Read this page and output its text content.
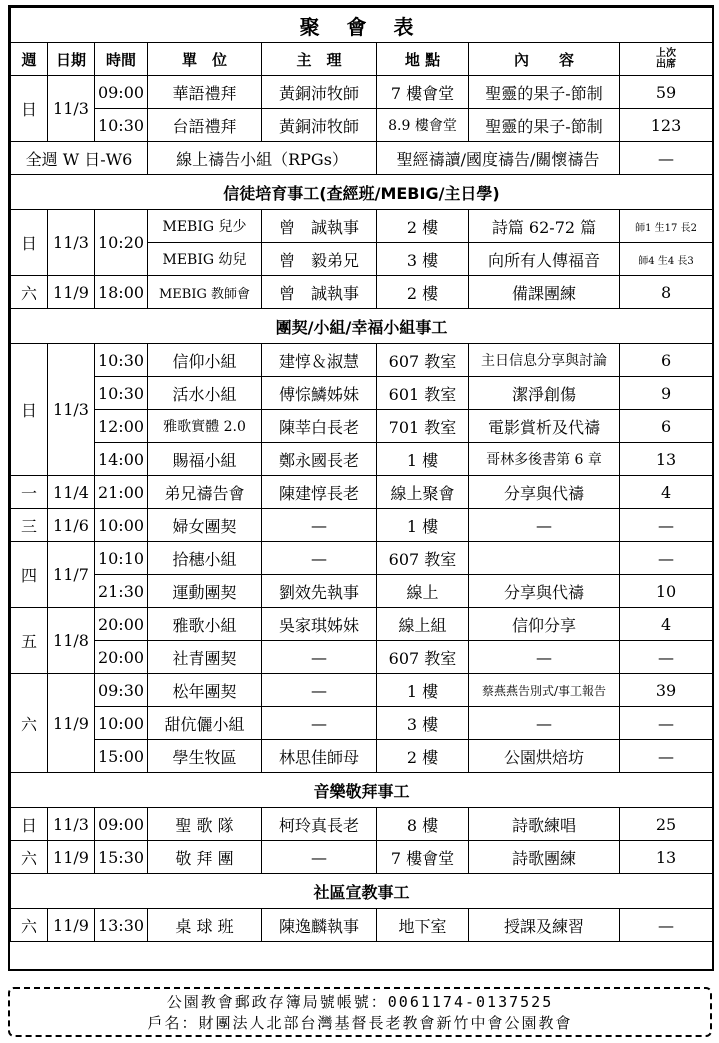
聚 會 表							
週	日期	時間	單　位	主　理	地 點	內　　容	上次
出席
日	11/3	09:00	華語禮拜	黃銅沛牧師	7 樓會堂	聖靈的果子-節制	59
		10:30	台語禮拜	黃銅沛牧師	8.9 樓會堂	聖靈的果子-節制	123
全週 W 日-W6			線上禱告小組（RPGs）		聖經禱讀/國度禱告/關懷禱告		—
信徒培育事工(查經班/MEBIG/主日學)							
日	11/3	10:20	MEBIG 兒少	曾　誠執事	2 樓	詩篇 62-72 篇	師1 生17 長2
			MEBIG 幼兒	曾　毅弟兄	3 樓	向所有人傳福音	師4 生4 長3
六	11/9	18:00	MEBIG 教師會	曾　誠執事	2 樓	備課團練	8
團契/小組/幸福小組事工							
日	11/3	10:30	信仰小組	建惇＆淑慧	607 教室	主日信息分享與討論	6
		10:30	活水小組	傅悰鱗姊妹	601 教室	潔淨創傷	9
		12:00	雅歌實體 2.0	陳莘白長老	701 教室	電影賞析及代禱	6
		14:00	賜福小組	鄭永國長老	1 樓	哥林多後書第 6 章	13
一	11/4	21:00	弟兄禱告會	陳建惇長老	線上聚會	分享與代禱	4
三	11/6	10:00	婦女團契	—	1 樓	—	—
四	11/7	10:10	拾穗小組	—	607 教室		—
		21:30	運動團契	劉效先執事	線上	分享與代禱	10
五	11/8	20:00	雅歌小組	吳家琪姊妹	線上組	信仰分享	4
		20:00	社青團契	—	607 教室	—	—
六	11/9	09:30	松年團契	—	1 樓	蔡燕燕告別式/事工報告	39
		10:00	甜伉儷小組	—	3 樓	—	—
		15:00	學生牧區	林思佳師母	2 樓	公園烘焙坊	—
音樂敬拜事工							
日	11/3	09:00	聖 歌 隊	柯玲真長老	8 樓	詩歌練唱	25
六	11/9	15:30	敬 拜 團	—	7 樓會堂	詩歌團練	13
社區宣教事工							
六	11/9	13:30	桌 球 班	陳逸麟執事	地下室	授課及練習	—
公園教會郵政存簿局號帳號：0061174-0137525
戶名：財團法人北部台灣基督長老教會新竹中會公園教會
